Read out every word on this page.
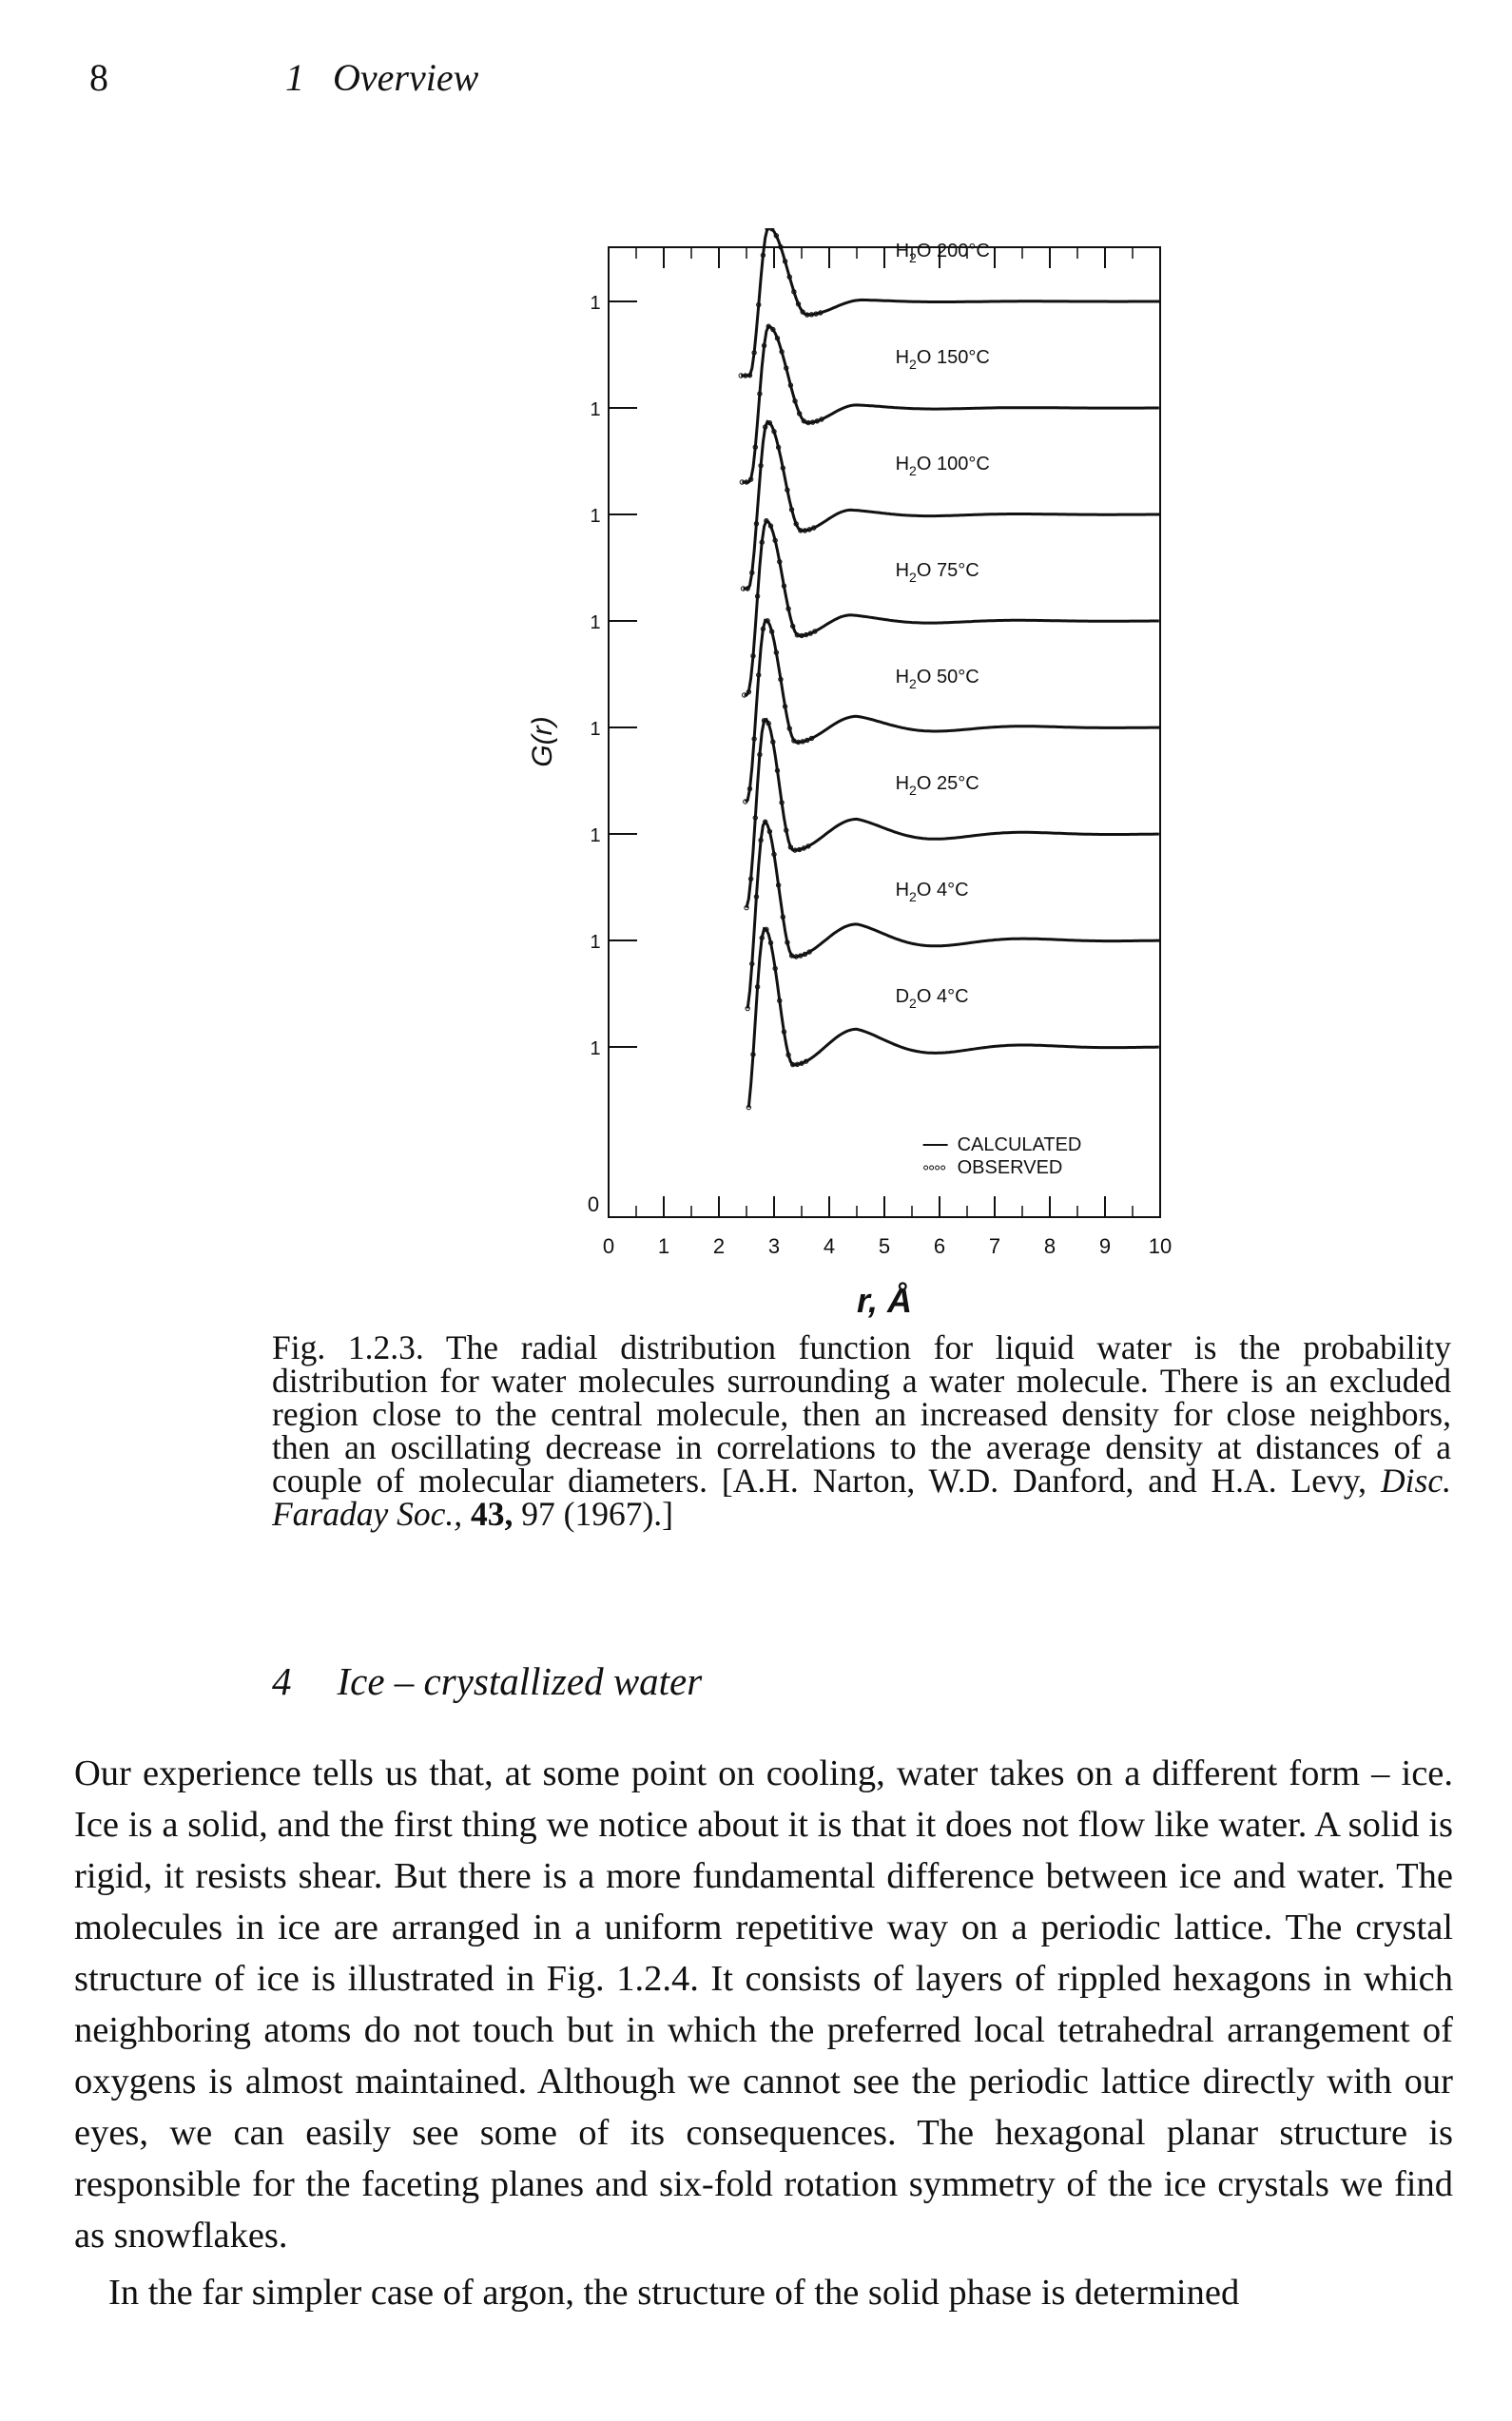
8	1 Overview
0 1 2 3 4 5 6 7 8 9 10
r, Å
G(r)
0
$H_2O$ 200°C
1
$H_2O$ 150°C
1
$H_2O$ 100°C
1
$H_2O$ 75°C
1
$H_2O$ 50°C
1
$H_2O$ 25°C
1
$H_2O$ 4°C
1
$D_2O$ 4°C
1
CALCULATED
OBSERVED
Fig. 1.2.3. The radial distribution function for liquid water is the probability distribution for water molecules surrounding a water molecule. There is an excluded region close to the central molecule, then an increased density for close neighbors, then an oscillating decrease in correlations to the average density at distances of a couple of molecular diameters. [A.H. Narton, W.D. Danford, and H.A. Levy, Disc. Faraday Soc., 43, 97 (1967).]
4 Ice – crystallized water

Our experience tells us that, at some point on cooling, water takes on a different form – ice. Ice is a solid, and the first thing we notice about it is that it does not flow like water. A solid is rigid, it resists shear. But there is a more fundamental difference between ice and water. The molecules in ice are arranged in a uniform repetitive way on a periodic lattice. The crystal structure of ice is illustrated in Fig. 1.2.4. It consists of layers of rippled hexagons in which neighboring atoms do not touch but in which the preferred local tetrahedral arrangement of oxygens is almost maintained. Although we cannot see the periodic lattice directly with our eyes, we can easily see some of its consequences. The hexagonal planar structure is responsible for the faceting planes and six-fold rotation symmetry of the ice crystals we find as snowflakes.

In the far simpler case of argon, the structure of the solid phase is determined
